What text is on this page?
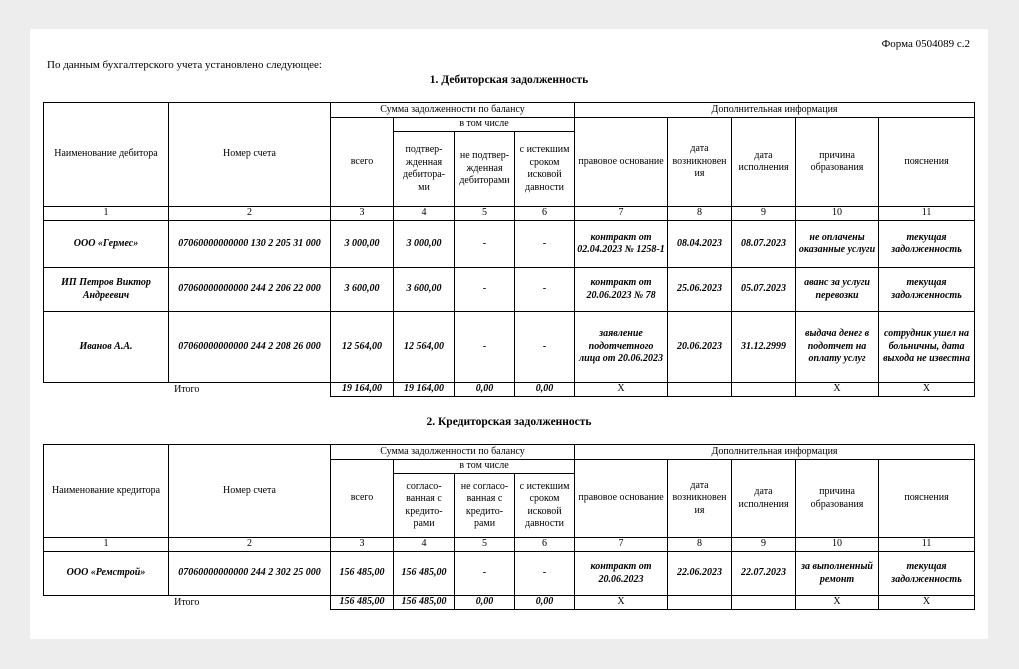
Форма 0504089 с.2
По данным бухгалтерского учета установлено следующее:
1. Дебиторская задолженность
Наименование дебитора	Номер счета	Сумма задолженности по балансу				Дополнительная информация				
		всего	в том числе			правовое основание	дата возникновен ия	дата исполнения	причина образования	пояснения
			подтвер- жденная дебитора- ми	не подтвер- жденная дебиторами	с истекшим сроком исковой давности					
1	2	3	4	5	6	7	8	9	10	11
ООО «Гермес»	07060000000000 130 2 205 31 000	3 000,00	3 000,00	-	-	контракт от 02.04.2023 № 1258-1	08.04.2023	08.07.2023	не оплачены оказанные услуги	текущая задолженность
ИП Петров Виктор Андреевич	07060000000000 244 2 206 22 000	3 600,00	3 600,00	-	-	контракт от 20.06.2023 № 78	25.06.2023	05.07.2023	аванс за услуги перевозки	текущая задолженность
Иванов А.А.	07060000000000 244 2 208 26 000	12 564,00	12 564,00	-	-	заявление подотчетного лица от 20.06.2023	20.06.2023	31.12.2999	выдача денег в подотчет на оплату услуг	сотрудник ушел на больничны, дата выхода не известна
Итого		19 164,00	19 164,00	0,00	0,00	Х			Х	Х
2. Кредиторская задолженность
Наименование кредитора	Номер счета	Сумма задолженности по балансу				Дополнительная информация				
		всего	в том числе			правовое основание	дата возникновен ия	дата исполнения	причина образования	пояснения
			согласо- ванная с кредито- рами	не согласо- ванная с кредито- рами	с истекшим сроком исковой давности					
1	2	3	4	5	6	7	8	9	10	11
ООО «Ремстрой»	07060000000000 244 2 302 25 000	156 485,00	156 485,00	-	-	контракт от 20.06.2023	22.06.2023	22.07.2023	за выполненный ремонт	текущая задолженность
Итого		156 485,00	156 485,00	0,00	0,00	Х			Х	Х
